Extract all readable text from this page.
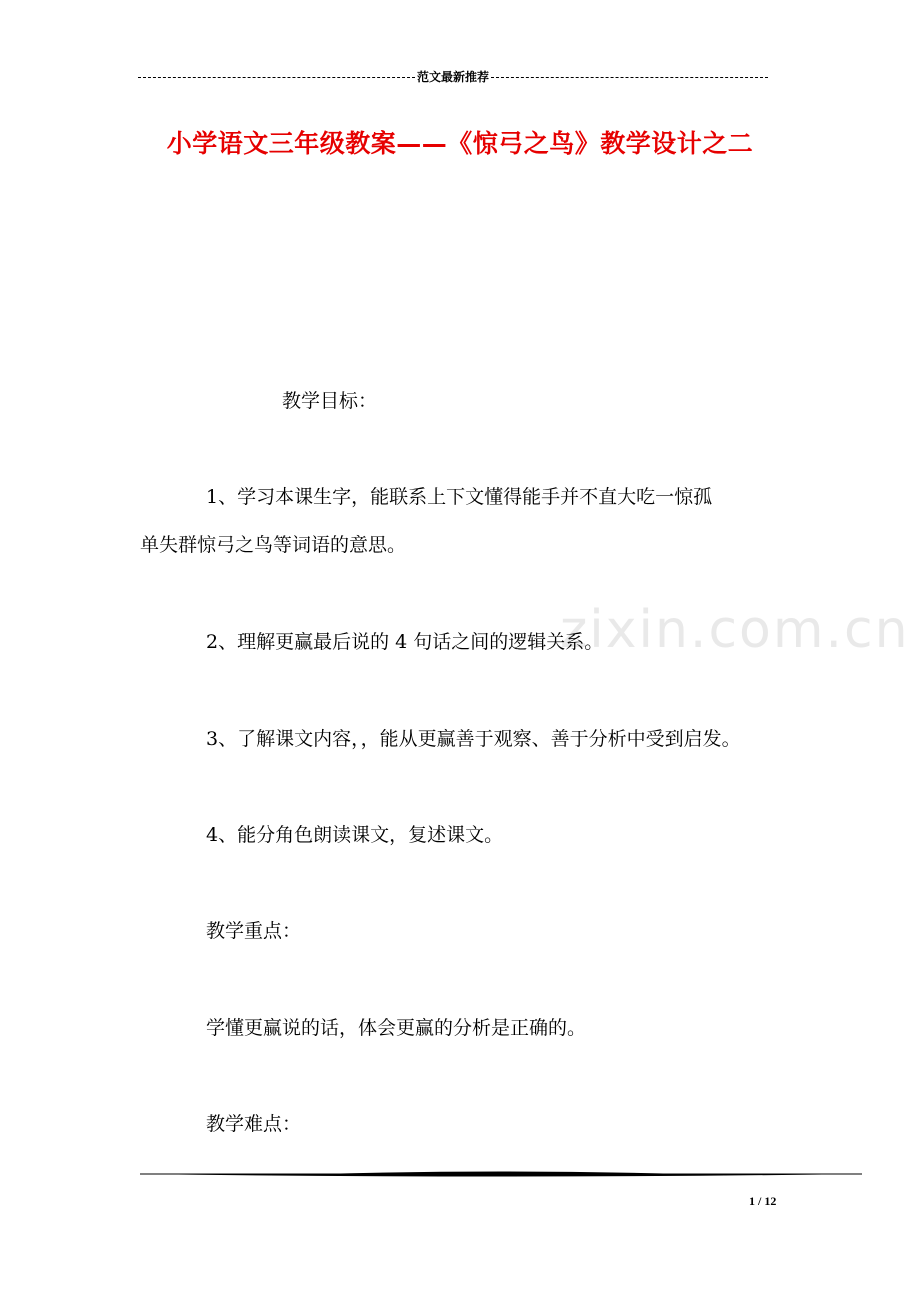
范文最新推荐
小学语文三年级教案——《惊弓之鸟》教学设计之二
zixin.com.cn
教学目标：
1、学习本课生字，能联系上下文懂得能手并不直大吃一惊孤
单失群惊弓之鸟等词语的意思。
2、理解更赢最后说的 4 句话之间的逻辑关系。
3、了解课文内容，，能从更赢善于观察、善于分析中受到启发。
4、能分角色朗读课文，复述课文。
教学重点：
学懂更赢说的话，体会更赢的分析是正确的。
教学难点：
1 / 12
